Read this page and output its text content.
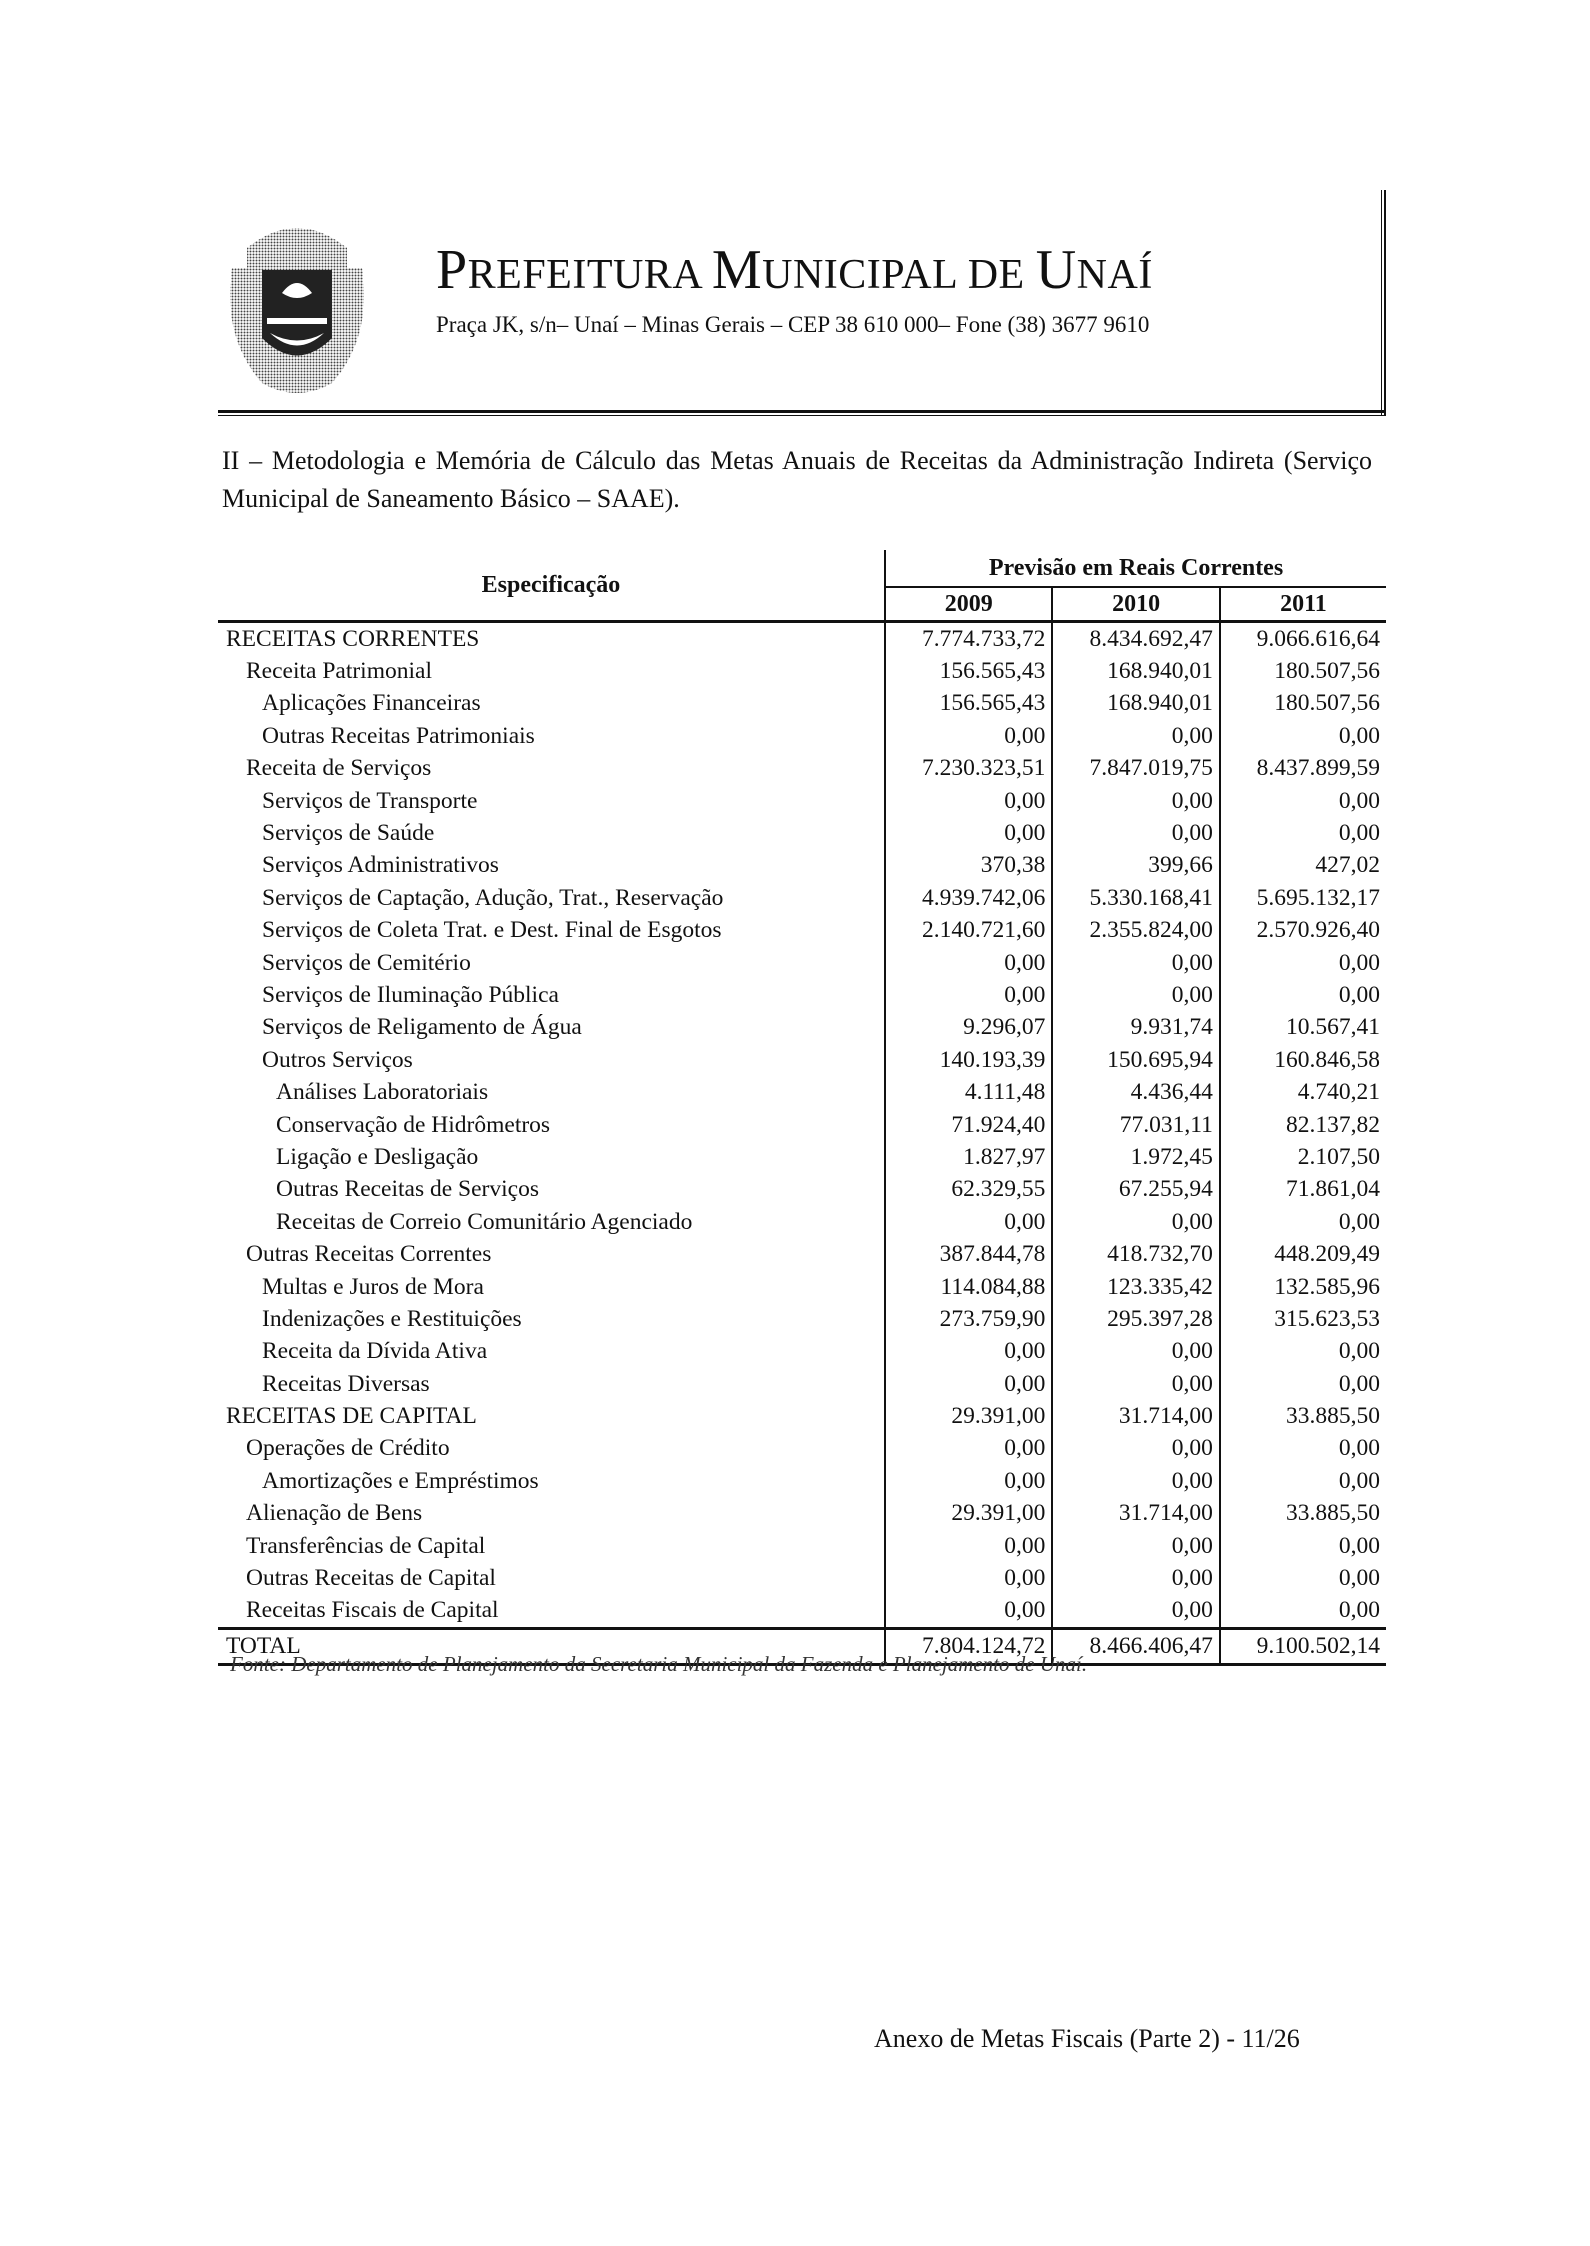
PREFEITURA MUNICIPAL DE UNAÍ
Praça JK, s/n– Unaí – Minas Gerais – CEP 38 610 000– Fone (38) 3677 9610

II – Metodologia e Memória de Cálculo das Metas Anuais de Receitas da Administração Indireta (Serviço Municipal de Saneamento Básico – SAAE).

Especificação	Previsão em Reais Correntes		
	2009	2010	2011
RECEITAS CORRENTES	7.774.733,72	8.434.692,47	9.066.616,64
Receita Patrimonial	156.565,43	168.940,01	180.507,56
Aplicações Financeiras	156.565,43	168.940,01	180.507,56
Outras Receitas Patrimoniais	0,00	0,00	0,00
Receita de Serviços	7.230.323,51	7.847.019,75	8.437.899,59
Serviços de Transporte	0,00	0,00	0,00
Serviços de Saúde	0,00	0,00	0,00
Serviços Administrativos	370,38	399,66	427,02
Serviços de Captação, Adução, Trat., Reservação	4.939.742,06	5.330.168,41	5.695.132,17
Serviços de Coleta Trat. e Dest. Final de Esgotos	2.140.721,60	2.355.824,00	2.570.926,40
Serviços de Cemitério	0,00	0,00	0,00
Serviços de Iluminação Pública	0,00	0,00	0,00
Serviços de Religamento de Água	9.296,07	9.931,74	10.567,41
Outros Serviços	140.193,39	150.695,94	160.846,58
Análises Laboratoriais	4.111,48	4.436,44	4.740,21
Conservação de Hidrômetros	71.924,40	77.031,11	82.137,82
Ligação e Desligação	1.827,97	1.972,45	2.107,50
Outras Receitas de Serviços	62.329,55	67.255,94	71.861,04
Receitas de Correio Comunitário Agenciado	0,00	0,00	0,00
Outras Receitas Correntes	387.844,78	418.732,70	448.209,49
Multas e Juros de Mora	114.084,88	123.335,42	132.585,96
Indenizações e Restituições	273.759,90	295.397,28	315.623,53
Receita da Dívida Ativa	0,00	0,00	0,00
Receitas Diversas	0,00	0,00	0,00
RECEITAS DE CAPITAL	29.391,00	31.714,00	33.885,50
Operações de Crédito	0,00	0,00	0,00
Amortizações e Empréstimos	0,00	0,00	0,00
Alienação de Bens	29.391,00	31.714,00	33.885,50
Transferências de Capital	0,00	0,00	0,00
Outras Receitas de Capital	0,00	0,00	0,00
Receitas Fiscais de Capital	0,00	0,00	0,00
TOTAL	7.804.124,72	8.466.406,47	9.100.502,14
Fonte: Departamento de Planejamento da Secretaria Municipal da Fazenda e Planejamento de Unaí.
Anexo de Metas Fiscais (Parte 2) - 11/26
